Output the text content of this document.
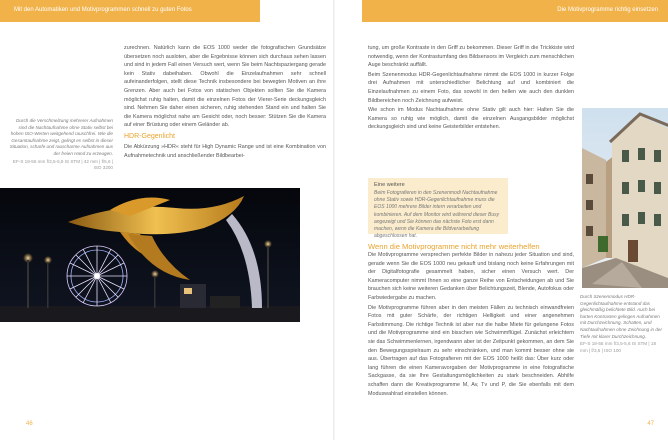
Mit den Automatiken und Motivprogrammen schnell zu guten Fotos	Die Motivprogramme richtig einsetzen
Durch die Verschmelzung mehrerer Aufnahmen sind die Nachtaufnahme ohne Stativ selbst bei hohen ISO-Werten weitgehend rauschfrei. Wie die Gesamtaufnahme zeigt, gelingt es selbst in dieser Situation, scharfe und rauscharme Aufnahmen aus der freien Hand zu erzeugen.
EF-S 18-55 mm f/3,5-5,6 IS STM | 42 mm | f/5,6 | ISO 3200

zurechnen. Natürlich kann die EOS 1000 weder die fotografischen Grundsätze übersetzen noch ausloten, aber die Ergebnisse können sich durchaus sehen lassen und sind in jedem Fall einen Versuch wert, wenn Sie beim Nachtspaziergang gerade kein Stativ dabeihaben. Obwohl die Einzelaufnahmen sehr schnell aufeinanderfolgen, stellt diese Technik insbesondere bei bewegten Motiven an ihre Grenzen. Aber auch bei Fotos von statischen Objekten sollten Sie die Kamera möglichst ruhig halten, damit die einzelnen Fotos der Vierer-Serie deckungsgleich sind. Nehmen Sie daher einen sicheren, ruhig stehenden Stand ein und halten Sie die Kamera möglichst nahe am Gesicht oder, noch besser: Stützen Sie die Kamera auf einer Brüstung oder einem Geländer ab.

HDR-Gegenlicht

Die Abkürzung »HDR« steht für High Dynamic Range und ist eine Kombination von Aufnahmetechnik und anschließender Bildbearbei-

46

tung, um große Kontraste in den Griff zu bekommen. Dieser Griff in die Trickkiste wird notwendig, wenn der Kontrastumfang des Bildsensors im Vergleich zum menschlichen Auge beschränkt auffällt.

Beim Szenenmodus HDR-Gegenlichtaufnahme nimmt die EOS 1000 in kurzer Folge drei Aufnahmen mit unterschiedlicher Belichtung auf und kombiniert die Einzelaufnahmen zu einem Foto, das sowohl in den hellen wie auch den dunklen Bildbereichen noch Zeichnung aufweist.

Wie schon im Modus Nachtaufnahme ohne Stativ gilt auch hier: Halten Sie die Kamera so ruhig wie möglich, damit die einzelnen Ausgangsbilder möglichst deckungsgleich sind und keine Geisterbilder entstehen.

Eine weitere
Beim Fotografieren in den Szenenmodi Nachtaufnahme ohne Stativ sowie HDR-Gegenlichtaufnahme muss die EOS 1000 mehrere Bilder intern verarbeiten und kombinieren. Auf dem Monitor wird während dieser Busy angezeigt und Sie können das nächste Foto erst dann machen, wenn die Kamera die Bildverarbeitung abgeschlossen hat.
Wenn die Motivprogramme nicht mehr weiterhelfen

Die Motivprogramme versprechen perfekte Bilder in nahezu jeder Situation und sind, gerade wenn Sie die EOS 1000 neu gekauft und bislang noch keine Erfahrungen mit der Digitalfotografie gesammelt haben, sicher einen Versuch wert. Der Kameracomputer nimmt Ihnen so eine ganze Reihe von Entscheidungen ab und Sie brauchen sich keine weiteren Gedanken über Belichtungszeit, Blende, Autofokus oder Farbwiedergabe zu machen.

Die Motivprogramme führen aber in den meisten Fällen zu technisch einwandfreien Fotos mit guter Schärfe, der richtigen Helligkeit und einer angenehmen Farbstimmung. Die richtige Technik ist aber nur die halbe Miete für gelungene Fotos und die Motivprogramme sind ein bisschen wie Schwimmflügel. Zunächst erleichtern sie das Schwimmenlernen, irgendwann aber ist der Zeitpunkt gekommen, an dem Sie den Bewegungsspielraum zu sehr einschränken, und man kommt besser ohne sie aus. Übertragen auf das Fotografieren mit der EOS 1000 heißt das: Über kurz oder lang führen die einen Kameravorgaben der Motivprogramme in eine fotografische Sackgasse, da sie Ihre Gestaltungsmöglichkeiten zu stark beschneiden. Abhilfe schaffen dann die Kreativprogramme M, Av, Tv und P, die Sie ebenfalls mit dem Moduswahlrad einstellen können.

Durch Szenenmodus HDR-Gegenlichtaufnahme entstand das gleichmäßig belichtete Bild. Auch bei harten Kontrasten gelingen Aufnahmen mit Durchzeichnung, Schatten, und Nachtaufnahmen ohne Zeichnung in der Tiefe mit klarer Durchzeichnung.
EF-S 18-55 mm f/3,5-5,6 IS STM | 18 mm | f/3,5 | ISO 100
47
